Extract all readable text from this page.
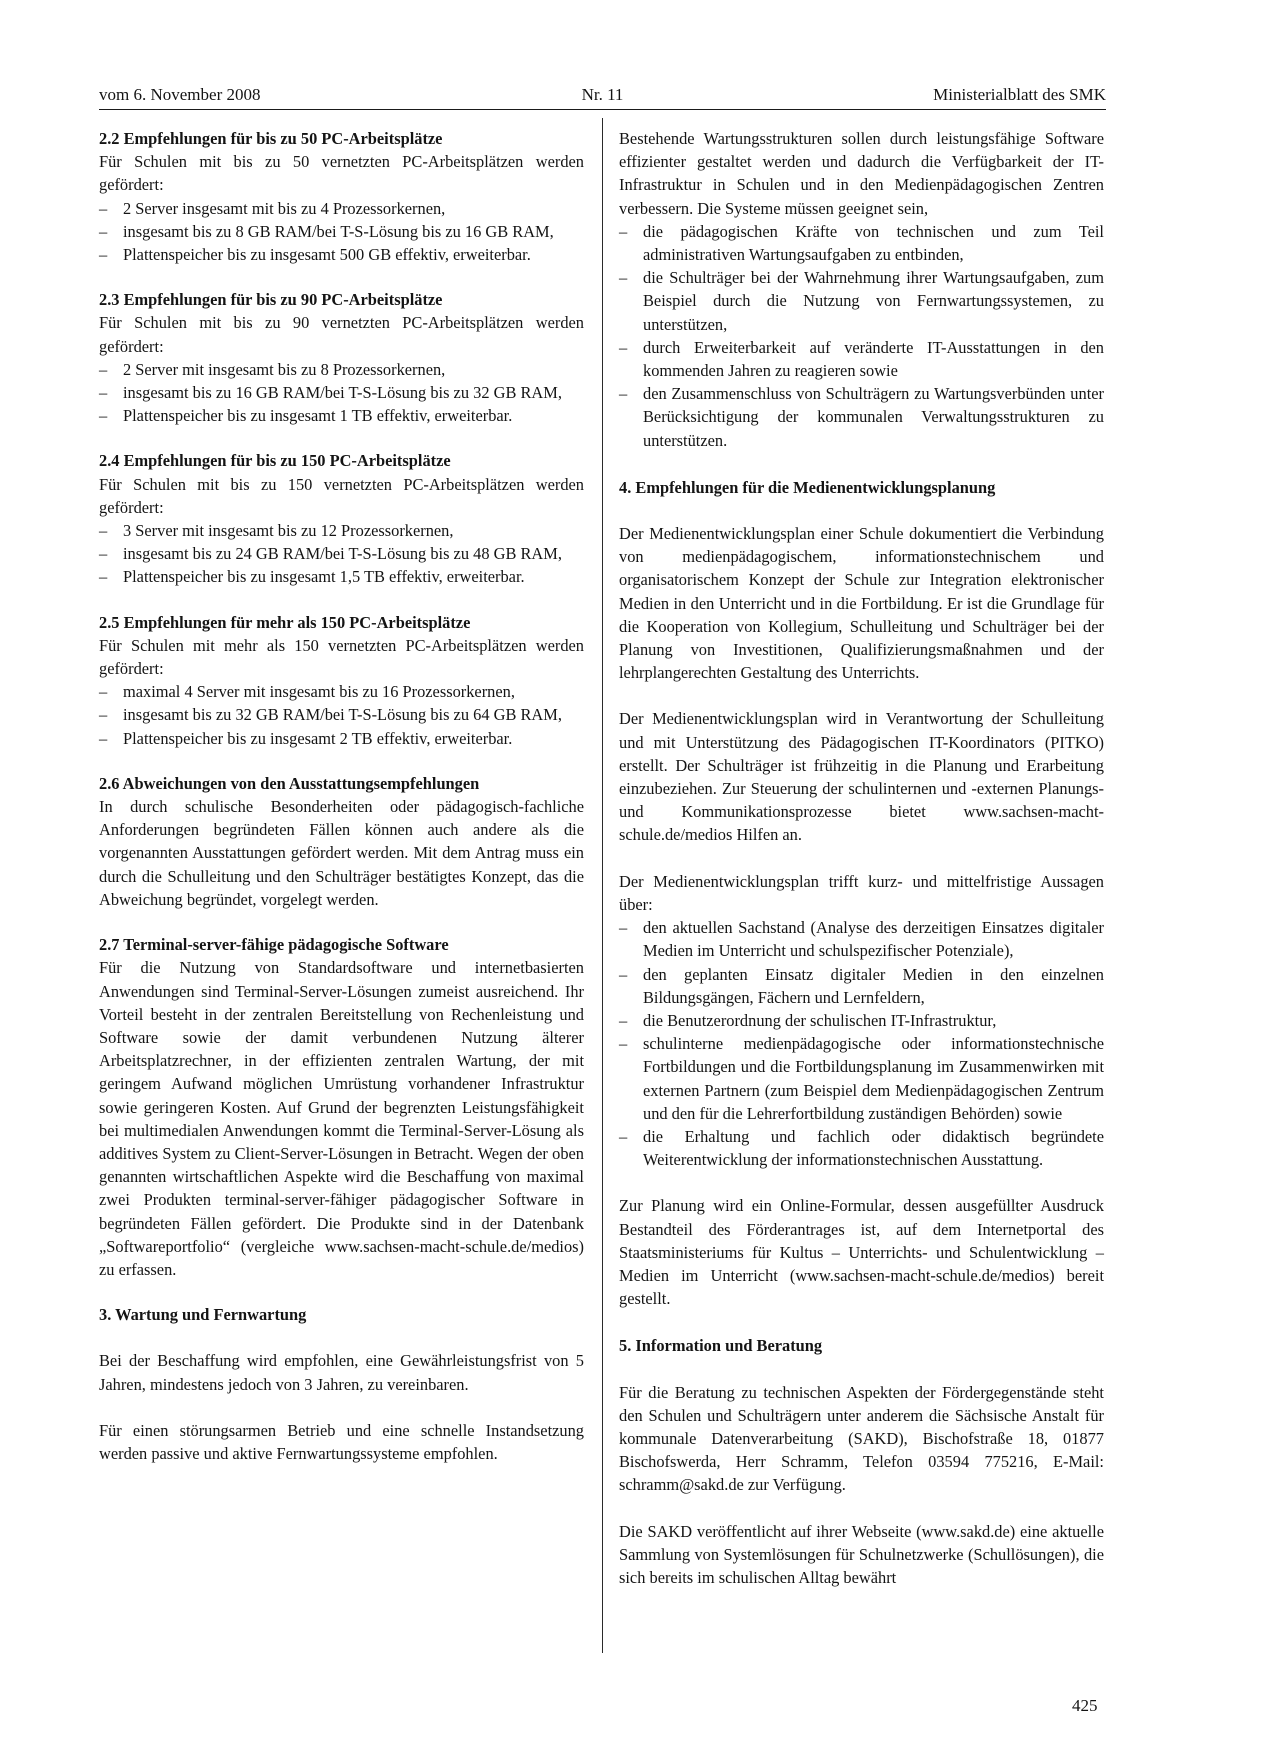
vom 6. November 2008	Nr. 11	Ministerialblatt des SMK
2.2 Empfehlungen für bis zu 50 PC-Arbeitsplätze

Für Schulen mit bis zu 50 vernetzten PC-Arbeitsplätzen werden gefördert:

– 2 Server insgesamt mit bis zu 4 Prozessorkernen,
– insgesamt bis zu 8 GB RAM/bei T-S-Lösung bis zu 16 GB RAM,
– Plattenspeicher bis zu insgesamt 500 GB effektiv, erweiterbar.
2.3 Empfehlungen für bis zu 90 PC-Arbeitsplätze

Für Schulen mit bis zu 90 vernetzten PC-Arbeitsplätzen werden gefördert:

– 2 Server mit insgesamt bis zu 8 Prozessorkernen,
– insgesamt bis zu 16 GB RAM/bei T-S-Lösung bis zu 32 GB RAM,
– Plattenspeicher bis zu insgesamt 1 TB effektiv, erweiterbar.
2.4 Empfehlungen für bis zu 150 PC-Arbeitsplätze

Für Schulen mit bis zu 150 vernetzten PC-Arbeitsplätzen werden gefördert:

– 3 Server mit insgesamt bis zu 12 Prozessorkernen,
– insgesamt bis zu 24 GB RAM/bei T-S-Lösung bis zu 48 GB RAM,
– Plattenspeicher bis zu insgesamt 1,5 TB effektiv, erweiterbar.
2.5 Empfehlungen für mehr als 150 PC-Arbeitsplätze

Für Schulen mit mehr als 150 vernetzten PC-Arbeitsplätzen werden gefördert:

– maximal 4 Server mit insgesamt bis zu 16 Prozessorkernen,
– insgesamt bis zu 32 GB RAM/bei T-S-Lösung bis zu 64 GB RAM,
– Plattenspeicher bis zu insgesamt 2 TB effektiv, erweiterbar.
2.6 Abweichungen von den Ausstattungsempfehlungen

In durch schulische Besonderheiten oder pädagogisch-fachliche Anforderungen begründeten Fällen können auch andere als die vorgenannten Ausstattungen gefördert werden. Mit dem Antrag muss ein durch die Schulleitung und den Schulträger bestätigtes Konzept, das die Abweichung begründet, vorgelegt werden.

2.7 Terminal-server-fähige pädagogische Software

Für die Nutzung von Standardsoftware und internetbasierten Anwendungen sind Terminal-Server-Lösungen zumeist ausreichend. Ihr Vorteil besteht in der zentralen Bereitstellung von Rechenleistung und Software sowie der damit verbundenen Nutzung älterer Arbeitsplatzrechner, in der effizienten zentralen Wartung, der mit geringem Aufwand möglichen Umrüstung vorhandener Infrastruktur sowie geringeren Kosten. Auf Grund der begrenzten Leistungsfähigkeit bei multimedialen Anwendungen kommt die Terminal-Server-Lösung als additives System zu Client-Server-Lösungen in Betracht. Wegen der oben genannten wirtschaftlichen Aspekte wird die Beschaffung von maximal zwei Produkten terminal-server-fähiger pädagogischer Software in begründeten Fällen gefördert. Die Produkte sind in der Datenbank „Softwareportfolio“ (vergleiche www.sachsen-macht-schule.de/medios) zu erfassen.

3. Wartung und Fernwartung

Bei der Beschaffung wird empfohlen, eine Gewährleistungsfrist von 5 Jahren, mindestens jedoch von 3 Jahren, zu vereinbaren.

Für einen störungsarmen Betrieb und eine schnelle Instandsetzung werden passive und aktive Fernwartungssysteme empfohlen.

Bestehende Wartungsstrukturen sollen durch leistungsfähige Software effizienter gestaltet werden und dadurch die Verfügbarkeit der IT-Infrastruktur in Schulen und in den Medienpädagogischen Zentren verbessern. Die Systeme müssen geeignet sein,

– die pädagogischen Kräfte von technischen und zum Teil administrativen Wartungsaufgaben zu entbinden,
– die Schulträger bei der Wahrnehmung ihrer Wartungsaufgaben, zum Beispiel durch die Nutzung von Fernwartungssystemen, zu unterstützen,
– durch Erweiterbarkeit auf veränderte IT-Ausstattungen in den kommenden Jahren zu reagieren sowie
– den Zusammenschluss von Schulträgern zu Wartungsverbünden unter Berücksichtigung der kommunalen Verwaltungsstrukturen zu unterstützen.
4. Empfehlungen für die Medienentwicklungsplanung

Der Medienentwicklungsplan einer Schule dokumentiert die Verbindung von medienpädagogischem, informationstechnischem und organisatorischem Konzept der Schule zur Integration elektronischer Medien in den Unterricht und in die Fortbildung. Er ist die Grundlage für die Kooperation von Kollegium, Schulleitung und Schulträger bei der Planung von Investitionen, Qualifizierungsmaßnahmen und der lehrplangerechten Gestaltung des Unterrichts.

Der Medienentwicklungsplan wird in Verantwortung der Schulleitung und mit Unterstützung des Pädagogischen IT-Koordinators (PITKO) erstellt. Der Schulträger ist frühzeitig in die Planung und Erarbeitung einzubeziehen. Zur Steuerung der schulinternen und -externen Planungs- und Kommunikationsprozesse bietet www.sachsen-macht-schule.de/medios Hilfen an.

Der Medienentwicklungsplan trifft kurz- und mittelfristige Aussagen über:

– den aktuellen Sachstand (Analyse des derzeitigen Einsatzes digitaler Medien im Unterricht und schulspezifischer Potenziale),
– den geplanten Einsatz digitaler Medien in den einzelnen Bildungsgängen, Fächern und Lernfeldern,
– die Benutzerordnung der schulischen IT-Infrastruktur,
– schulinterne medienpädagogische oder informationstechnische Fortbildungen und die Fortbildungsplanung im Zusammenwirken mit externen Partnern (zum Beispiel dem Medienpädagogischen Zentrum und den für die Lehrerfortbildung zuständigen Behörden) sowie
– die Erhaltung und fachlich oder didaktisch begründete Weiterentwicklung der informationstechnischen Ausstattung.

Zur Planung wird ein Online-Formular, dessen ausgefüllter Ausdruck Bestandteil des Förderantrages ist, auf dem Internetportal des Staatsministeriums für Kultus – Unterrichts- und Schulentwicklung – Medien im Unterricht (www.sachsen-macht-schule.de/medios) bereit gestellt.

5. Information und Beratung

Für die Beratung zu technischen Aspekten der Fördergegenstände steht den Schulen und Schulträgern unter anderem die Sächsische Anstalt für kommunale Datenverarbeitung (SAKD), Bischofstraße 18, 01877 Bischofswerda, Herr Schramm, Telefon 03594 775216, E-Mail: schramm@sakd.de zur Verfügung.

Die SAKD veröffentlicht auf ihrer Webseite (www.sakd.de) eine aktuelle Sammlung von Systemlösungen für Schulnetzwerke (Schullösungen), die sich bereits im schulischen Alltag bewährt

425
